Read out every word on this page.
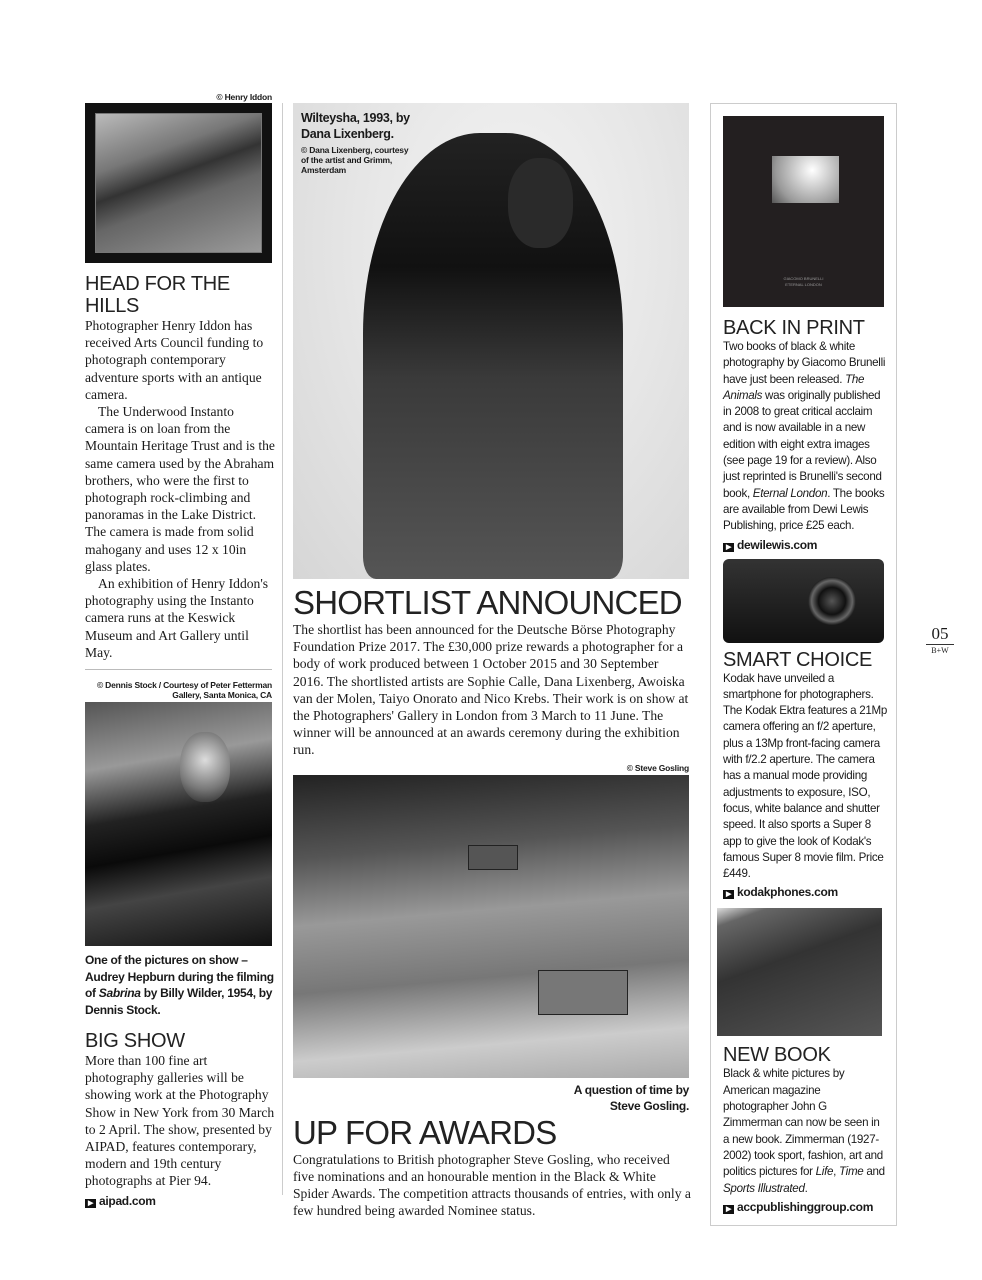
© Henry Iddon
HEAD FOR THE HILLS

Photographer Henry Iddon has received Arts Council funding to photograph contemporary adventure sports with an antique camera.

The Underwood Instanto camera is on loan from the Mountain Heritage Trust and is the same camera used by the Abraham brothers, who were the first to photograph rock-climbing and panoramas in the Lake District. The camera is made from solid mahogany and uses 12 x 10in glass plates.

An exhibition of Henry Iddon's photography using the Instanto camera runs at the Keswick Museum and Art Gallery until May.

© Dennis Stock / Courtesy of Peter Fetterman Gallery, Santa Monica, CA
One of the pictures on show – Audrey Hepburn during the filming of Sabrina by Billy Wilder, 1954, by Dennis Stock.
BIG SHOW
More than 100 fine art photography galleries will be showing work at the Photography Show in New York from 30 March to 2 April. The show, presented by AIPAD, features contemporary, modern and 19th century photographs at Pier 94.
▶ aipad.com
Wilteysha, 1993, by Dana Lixenberg.
© Dana Lixenberg, courtesy of the artist and Grimm, Amsterdam
SHORTLIST ANNOUNCED
The shortlist has been announced for the Deutsche Börse Photography Foundation Prize 2017. The £30,000 prize rewards a photographer for a body of work produced between 1 October 2015 and 30 September 2016. The shortlisted artists are Sophie Calle, Dana Lixenberg, Awoiska van der Molen, Taiyo Onorato and Nico Krebs. Their work is on show at the Photographers' Gallery in London from 3 March to 11 June. The winner will be announced at an awards ceremony during the exhibition run.
© Steve Gosling
A question of time by Steve Gosling.
UP FOR AWARDS
Congratulations to British photographer Steve Gosling, who received five nominations and an honourable mention in the Black & White Spider Awards. The competition attracts thousands of entries, with only a few hundred being awarded Nominee status.
GIACOMO BRUNELLI ETERNAL LONDON
BACK IN PRINT
Two books of black & white photography by Giacomo Brunelli have just been released. The Animals was originally published in 2008 to great critical acclaim and is now available in a new edition with eight extra images (see page 19 for a review). Also just reprinted is Brunelli's second book, Eternal London. The books are available from Dewi Lewis Publishing, price £25 each.
▶ dewilewis.com
SMART CHOICE
Kodak have unveiled a smartphone for photographers. The Kodak Ektra features a 21Mp camera offering an f/2 aperture, plus a 13Mp front-facing camera with f/2.2 aperture. The camera has a manual mode providing adjustments to exposure, ISO, focus, white balance and shutter speed. It also sports a Super 8 app to give the look of Kodak's famous Super 8 movie film. Price £449.
▶ kodakphones.com
NEW BOOK
Black & white pictures by American magazine photographer John G Zimmerman can now be seen in a new book. Zimmerman (1927-2002) took sport, fashion, art and politics pictures for Life, Time and Sports Illustrated.
▶ accpublishinggroup.com
05
B+W
